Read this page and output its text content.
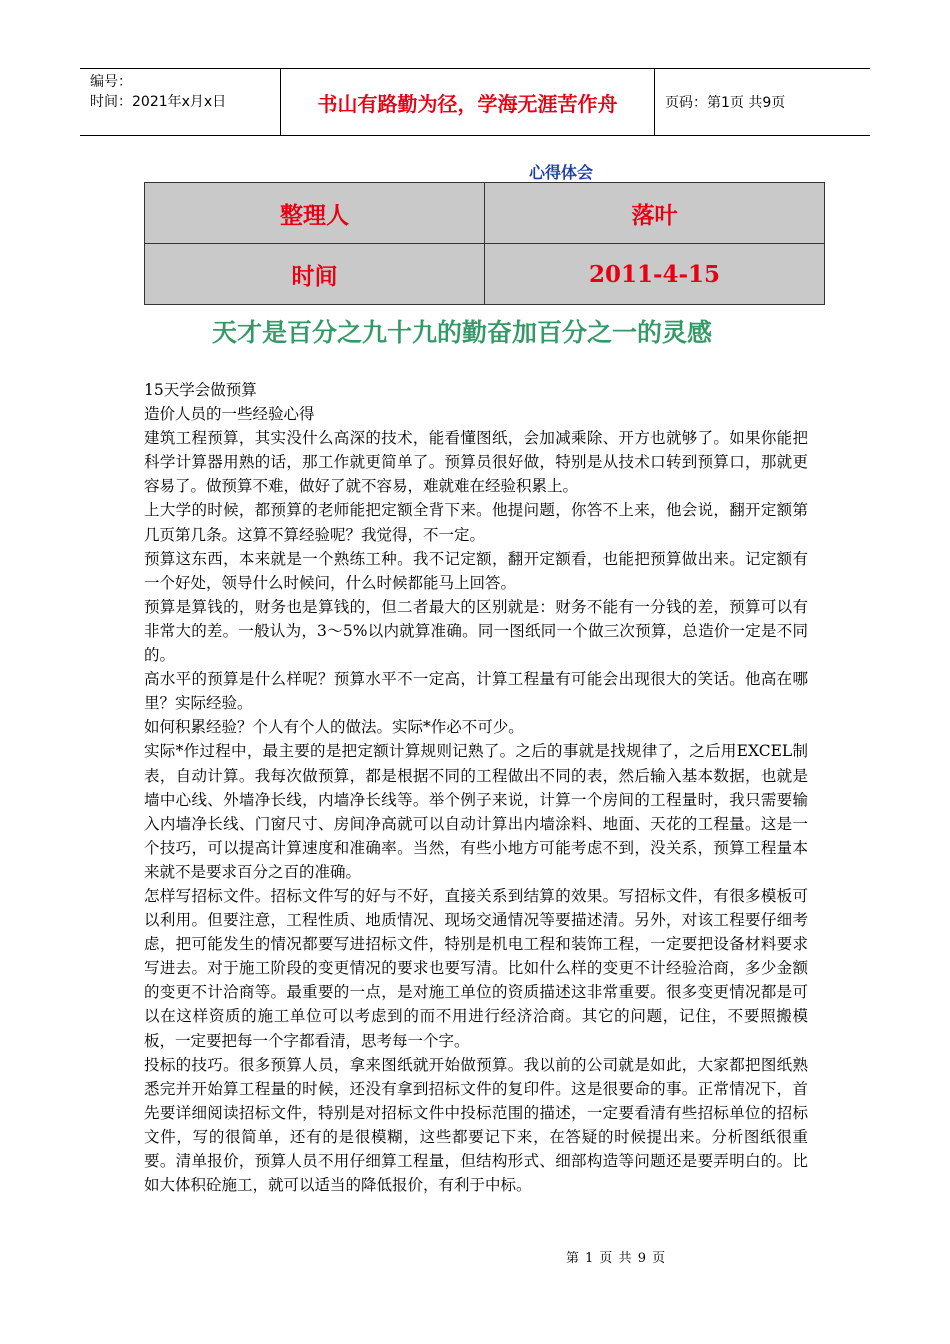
编号：
时间：2021年x月x日	书山有路勤为径，学海无涯苦作舟	页码：第1页 共9页
心得体会
整理人	落叶
时间	2011-4-15
天才是百分之九十九的勤奋加百分之一的灵感

15天学会做预算

造价人员的一些经验心得

建筑工程预算，其实没什么高深的技术，能看懂图纸，会加减乘除、开方也就够了。如果你能把科学计算器用熟的话，那工作就更简单了。预算员很好做，特别是从技术口转到预算口，那就更容易了。做预算不难，做好了就不容易，难就难在经验积累上。

上大学的时候，都预算的老师能把定额全背下来。他提问题，你答不上来，他会说，翻开定额第几页第几条。这算不算经验呢？我觉得，不一定。

预算这东西，本来就是一个熟练工种。我不记定额，翻开定额看，也能把预算做出来。记定额有一个好处，领导什么时候问，什么时候都能马上回答。

预算是算钱的，财务也是算钱的，但二者最大的区别就是：财务不能有一分钱的差，预算可以有非常大的差。一般认为，3～5%以内就算准确。同一图纸同一个做三次预算，总造价一定是不同的。

高水平的预算是什么样呢？预算水平不一定高，计算工程量有可能会出现很大的笑话。他高在哪里？实际经验。

如何积累经验？个人有个人的做法。实际*作必不可少。

实际*作过程中，最主要的是把定额计算规则记熟了。之后的事就是找规律了，之后用EXCEL制表，自动计算。我每次做预算，都是根据不同的工程做出不同的表，然后输入基本数据，也就是墙中心线、外墙净长线，内墙净长线等。举个例子来说，计算一个房间的工程量时，我只需要输入内墙净长线、门窗尺寸、房间净高就可以自动计算出内墙涂料、地面、天花的工程量。这是一个技巧，可以提高计算速度和准确率。当然，有些小地方可能考虑不到，没关系，预算工程量本来就不是要求百分之百的准确。

怎样写招标文件。招标文件写的好与不好，直接关系到结算的效果。写招标文件，有很多模板可以利用。但要注意，工程性质、地质情况、现场交通情况等要描述清。另外，对该工程要仔细考虑，把可能发生的情况都要写进招标文件，特别是机电工程和装饰工程，一定要把设备材料要求写进去。对于施工阶段的变更情况的要求也要写清。比如什么样的变更不计经验洽商，多少金额的变更不计洽商等。最重要的一点，是对施工单位的资质描述这非常重要。很多变更情况都是可以在这样资质的施工单位可以考虑到的而不用进行经济洽商。其它的问题，记住，不要照搬模板，一定要把每一个字都看清，思考每一个字。

投标的技巧。很多预算人员，拿来图纸就开始做预算。我以前的公司就是如此，大家都把图纸熟悉完并开始算工程量的时候，还没有拿到招标文件的复印件。这是很要命的事。正常情况下，首先要详细阅读招标文件，特别是对招标文件中投标范围的描述，一定要看清有些招标单位的招标文件，写的很简单，还有的是很模糊，这些都要记下来，在答疑的时候提出来。分析图纸很重要。清单报价，预算人员不用仔细算工程量，但结构形式、细部构造等问题还是要弄明白的。比如大体积砼施工，就可以适当的降低报价，有利于中标。

第 1 页 共 9 页
